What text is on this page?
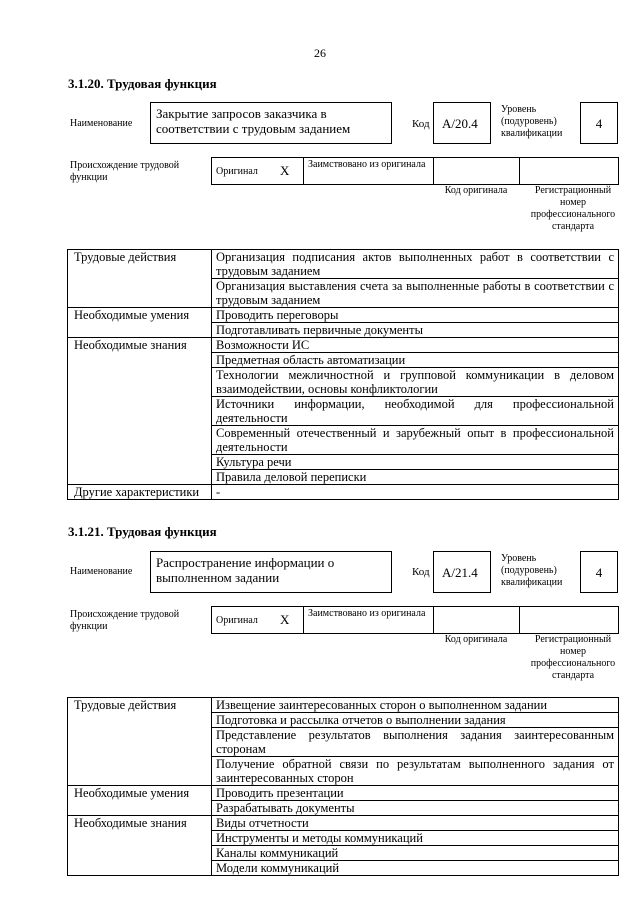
26
3.1.20. Трудовая функция
Наименование
Закрытие запросов заказчика в соответствии с трудовым заданием	Код А/20.4
Уровень (подуровень) квалификации
4
Происхождение трудовой функции
Оригинал X Заимствовано из оригинала
Код оригинала	Регистрационный номер профессионального стандарта
Трудовые действия	Организация подписания актов выполненных работ в соответствии с трудовым заданием
	Организация выставления счета за выполненные работы в соответствии с трудовым заданием
Необходимые умения	Проводить переговоры
	Подготавливать первичные документы
Необходимые знания	Возможности ИС
	Предметная область автоматизации
	Технологии межличностной и групповой коммуникации в деловом взаимодействии, основы конфликтологии
	Источники информации, необходимой для профессиональной деятельности
	Современный отечественный и зарубежный опыт в профессиональной деятельности
	Культура речи
	Правила деловой переписки
Другие характеристики	-
3.1.21. Трудовая функция
Наименование
Распространение информации о выполненном задании	Код А/21.4
Уровень (подуровень) квалификации
4
Происхождение трудовой функции
Оригинал X Заимствовано из оригинала
Код оригинала	Регистрационный номер профессионального стандарта
Трудовые действия	Извещение заинтересованных сторон о выполненном задании
	Подготовка и рассылка отчетов о выполнении задания
	Представление результатов выполнения задания заинтересованным сторонам
	Получение обратной связи по результатам выполненного задания от заинтересованных сторон
Необходимые умения	Проводить презентации
	Разрабатывать документы
Необходимые знания	Виды отчетности
	Инструменты и методы коммуникаций
	Каналы коммуникаций
	Модели коммуникаций
